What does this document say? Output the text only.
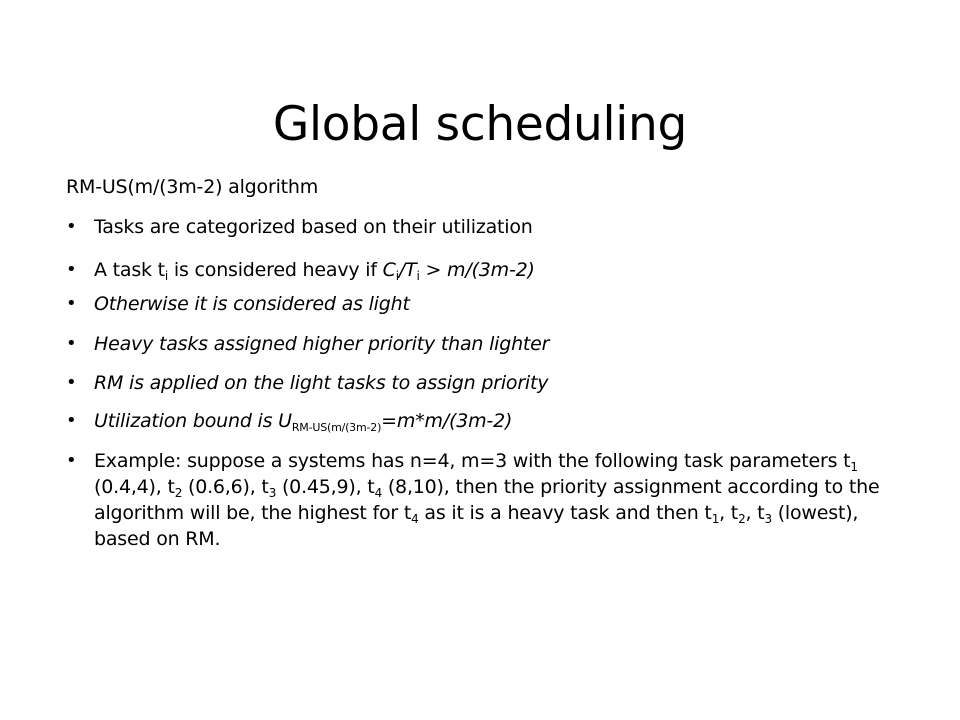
Global scheduling
RM-US(m/(3m-2) algorithm
• Tasks are categorized based on their utilization
• A task $t_i$ is considered heavy if $C_i/T_i > m/(3m-2)$
• Otherwise it is considered as light
• Heavy tasks assigned higher priority than lighter
• RM is applied on the light tasks to assign priority
• Utilization bound is $U_{RM-US(m/(3m-2)}=m*m/(3m-2)$
• Example: suppose a systems has n=4, m=3 with the following task parameters $t_1$ (0.4,4), $t_2$ (0.6,6), $t_3$ (0.45,9), $t_4$ (8,10), then the priority assignment according to the algorithm will be, the highest for $t_4$ as it is a heavy task and then $t_1$, $t_2$, $t_3$ (lowest), based on RM.
